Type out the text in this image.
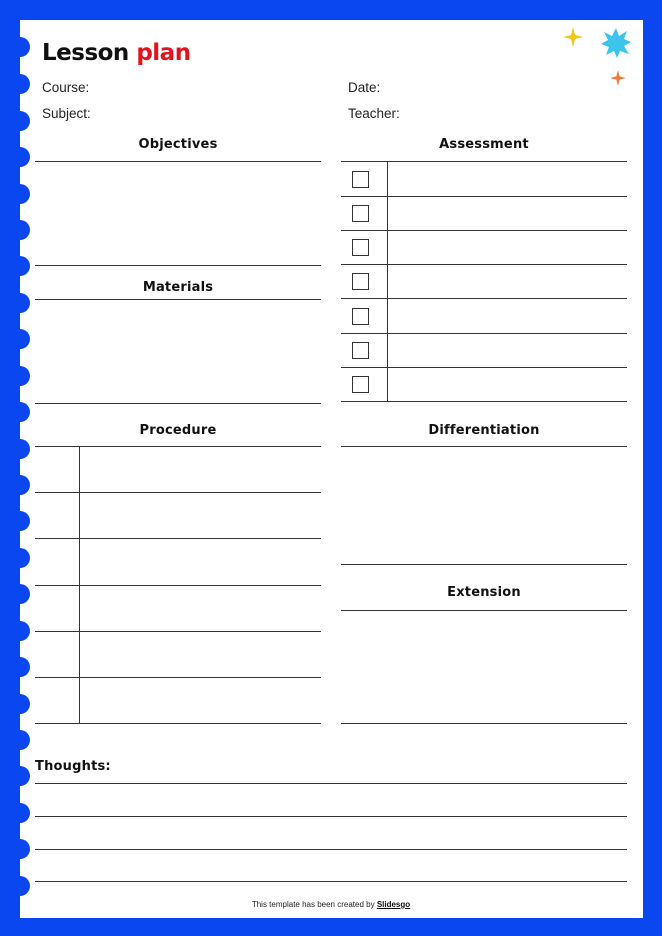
Lesson plan
Course:	Date:
Subject:	Teacher:
Objectives
Materials
Assessment
Procedure	Differentiation
Extension
Thoughts:
This template has been created by Slidesgo
